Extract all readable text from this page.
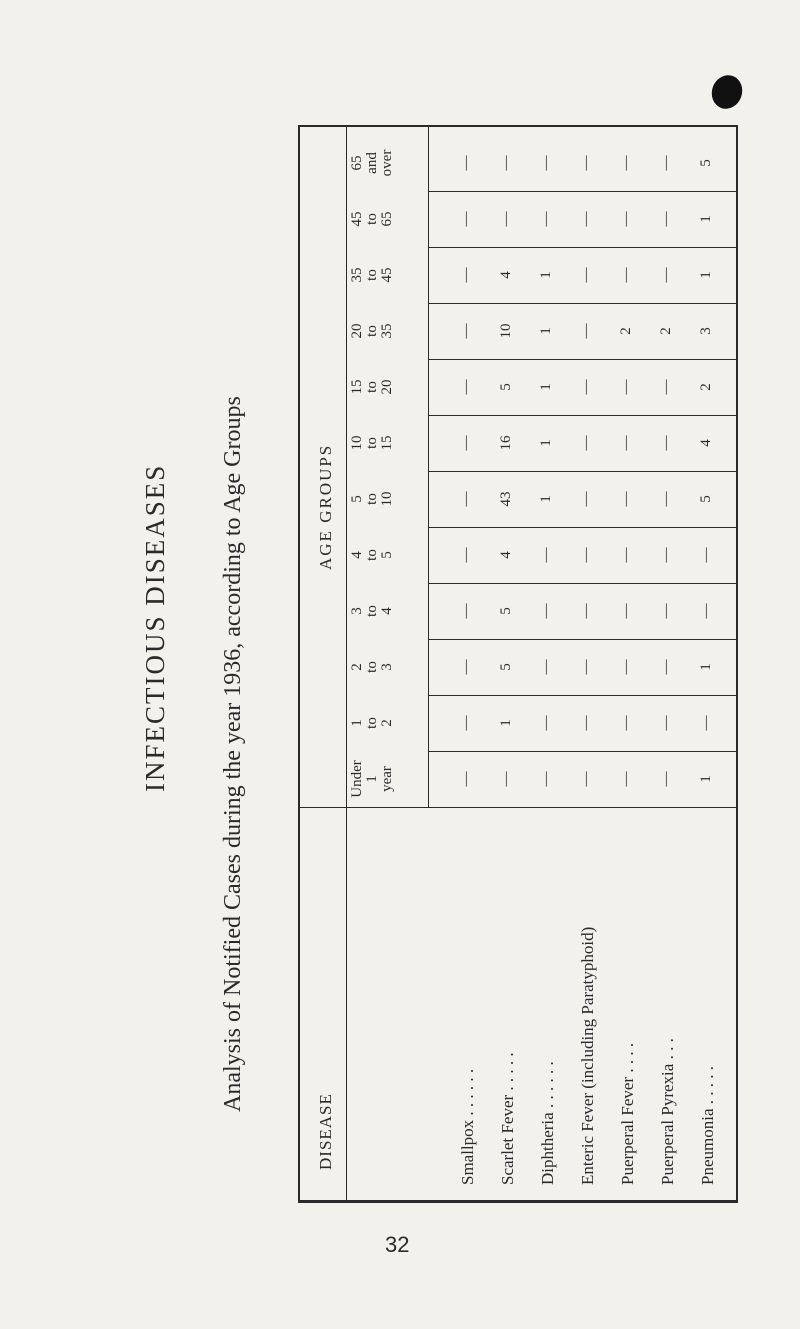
INFECTIOUS DISEASES Analysis of Notified Cases during the year 1936, according to Age Groups	AGE GROUPS
DISEASE
Under 1 year
1 to 2
2 to 3
3 to 4
4 to 5
5 to 10
10 to 15
15 to 20
20 to 35
35 to 45
45 to 65
65 and over
Smallpox . . . . . .
—
—
—
—
—
—
—
—
—
—
—
—
Scarlet Fever . . . . .
—
1
5
5
4
43
16
5
10
4
—
—
Diphtheria . . . . . .
—
—
—
—
—
1
1
1
1
1
—
—
Enteric Fever (including Paratyphoid)
—
—
—
—
—
—
—
—
—
—
—
—
Puerperal Fever . . . .
—
—
—
—
—
—
—
—
2
—
—
—
Puerperal Pyrexia . . .
—
—
—
—
—
—
—
—
2
—
—
—
Pneumonia . . . . .
1
—
1
—
—
5
4
2
3
1
1
5
32
